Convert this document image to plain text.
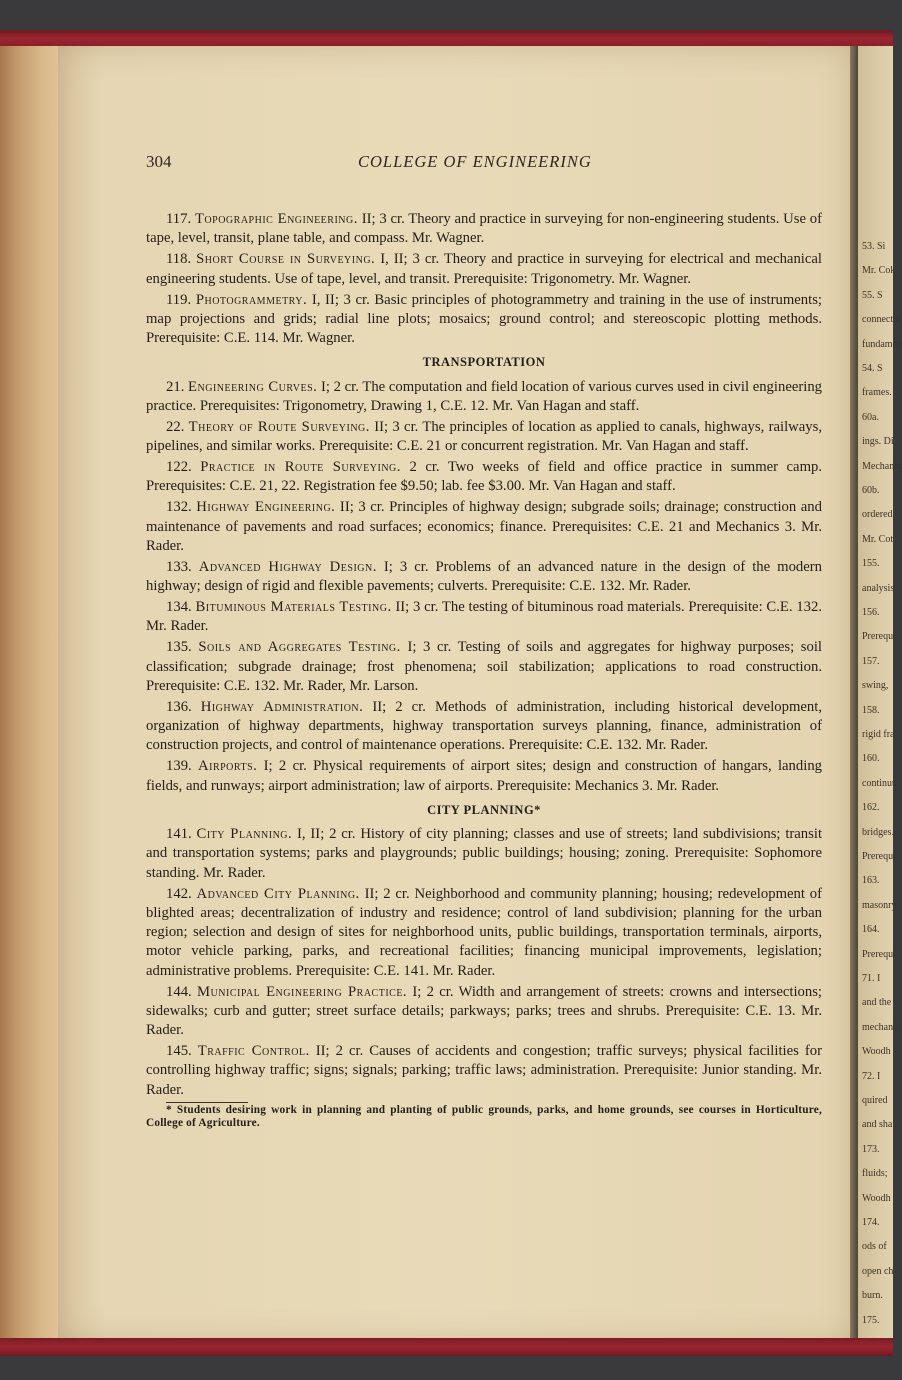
53. Si
Mr. Cok
55. S
connectin
fundamen
54. S
frames.
60a.
ings. Di
Mechanic
60b.
ordered
Mr. Cot
155.
analysis
156.
Prerequi
157.
swing,
158.
rigid fra
160.
continuu
162.
bridges.
Prerequi
163.
masonry
164.
Prerequi
71. I
and the
mechanic
Woodh
72. I
quired
and sha
173.
fluids;
Woodh
174.
ods of
open ch
burn.
175.
304	COLLEGE OF ENGINEERING
117. Topographic Engineering. II; 3 cr. Theory and practice in surveying for non-engineering students. Use of tape, level, transit, plane table, and compass. Mr. Wagner.
118. Short Course in Surveying. I, II; 3 cr. Theory and practice in surveying for electrical and mechanical engineering students. Use of tape, level, and transit. Prerequisite: Trigonometry. Mr. Wagner.
119. Photogrammetry. I, II; 3 cr. Basic principles of photogrammetry and training in the use of instruments; map projections and grids; radial line plots; mosaics; ground control; and stereoscopic plotting methods. Prerequisite: C.E. 114. Mr. Wagner.
TRANSPORTATION
21. Engineering Curves. I; 2 cr. The computation and field location of various curves used in civil engineering practice. Prerequisites: Trigonometry, Drawing 1, C.E. 12. Mr. Van Hagan and staff.
22. Theory of Route Surveying. II; 3 cr. The principles of location as applied to canals, highways, railways, pipelines, and similar works. Prerequisite: C.E. 21 or concurrent registration. Mr. Van Hagan and staff.
122. Practice in Route Surveying. 2 cr. Two weeks of field and office practice in summer camp. Prerequisites: C.E. 21, 22. Registration fee $9.50; lab. fee $3.00. Mr. Van Hagan and staff.
132. Highway Engineering. II; 3 cr. Principles of highway design; subgrade soils; drainage; construction and maintenance of pavements and road surfaces; economics; finance. Prerequisites: C.E. 21 and Mechanics 3. Mr. Rader.
133. Advanced Highway Design. I; 3 cr. Problems of an advanced nature in the design of the modern highway; design of rigid and flexible pavements; culverts. Prerequisite: C.E. 132. Mr. Rader.
134. Bituminous Materials Testing. II; 3 cr. The testing of bituminous road materials. Prerequisite: C.E. 132. Mr. Rader.
135. Soils and Aggregates Testing. I; 3 cr. Testing of soils and aggregates for highway purposes; soil classification; subgrade drainage; frost phenomena; soil stabilization; applications to road construction. Prerequisite: C.E. 132. Mr. Rader, Mr. Larson.
136. Highway Administration. II; 2 cr. Methods of administration, including historical development, organization of highway departments, highway transportation surveys planning, finance, administration of construction projects, and control of maintenance operations. Prerequisite: C.E. 132. Mr. Rader.
139. Airports. I; 2 cr. Physical requirements of airport sites; design and construction of hangars, landing fields, and runways; airport administration; law of airports. Prerequisite: Mechanics 3. Mr. Rader.
CITY PLANNING*
141. City Planning. I, II; 2 cr. History of city planning; classes and use of streets; land subdivisions; transit and transportation systems; parks and playgrounds; public buildings; housing; zoning. Prerequisite: Sophomore standing. Mr. Rader.
142. Advanced City Planning. II; 2 cr. Neighborhood and community planning; housing; redevelopment of blighted areas; decentralization of industry and residence; control of land subdivision; planning for the urban region; selection and design of sites for neighborhood units, public buildings, transportation terminals, airports, motor vehicle parking, parks, and recreational facilities; financing municipal improvements, legislation; administrative problems. Prerequisite: C.E. 141. Mr. Rader.
144. Municipal Engineering Practice. I; 2 cr. Width and arrangement of streets: crowns and intersections; sidewalks; curb and gutter; street surface details; parkways; parks; trees and shrubs. Prerequisite: C.E. 13. Mr. Rader.
145. Traffic Control. II; 2 cr. Causes of accidents and congestion; traffic surveys; physical facilities for controlling highway traffic; signs; signals; parking; traffic laws; administration. Prerequisite: Junior standing. Mr. Rader.
* Students desiring work in planning and planting of public grounds, parks, and home grounds, see courses in Horticulture, College of Agriculture.
